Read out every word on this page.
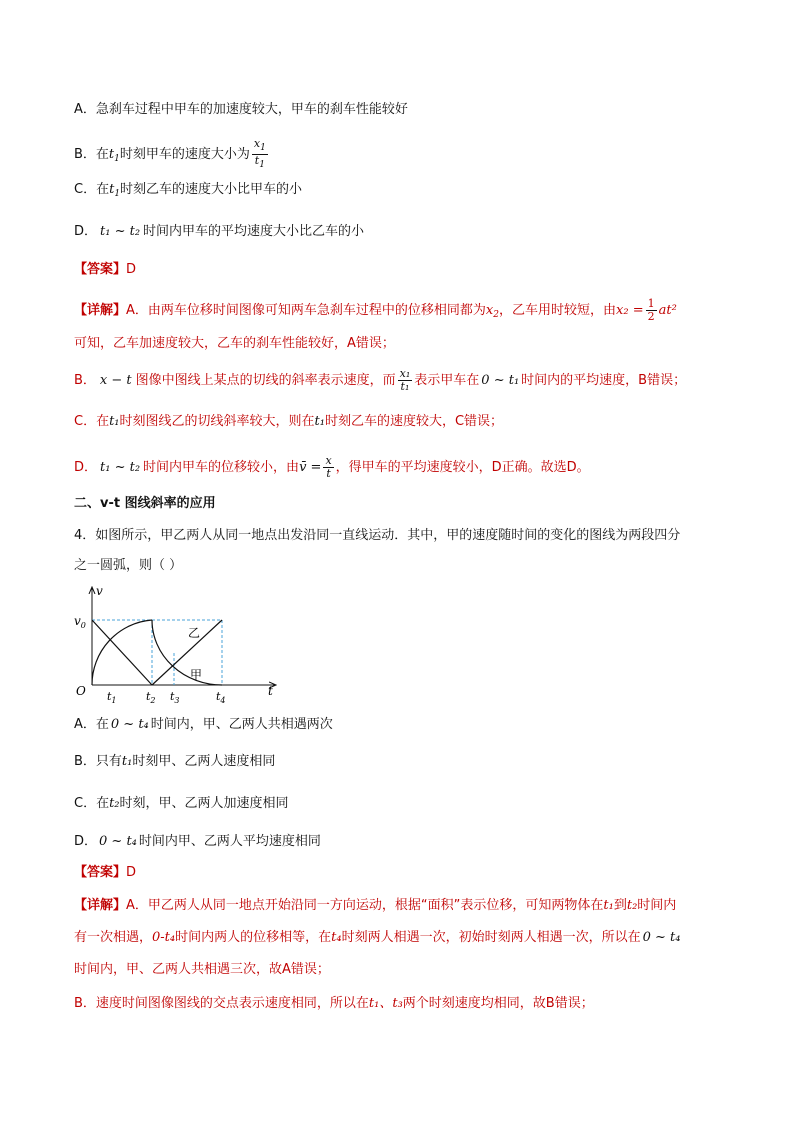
A．急刹车过程中甲车的加速度较大，甲车的刹车性能较好
B．在$t_1$时刻甲车的速度大小为 $\frac{x_1}{t_1}$
C．在$t_1$时刻乙车的速度大小比甲车的小
D． t₁ ~ t₂ 时间内甲车的平均速度大小比乙车的小
【答案】D
【详解】A．由两车位移时间图像可知两车急刹车过程中的位移相同都为$x_2$，乙车用时较短，由$x_2 = \frac{1}{2} at^2$
可知，乙车加速度较大，乙车的刹车性能较好，A错误；
B． x − t 图像中图线上某点的切线的斜率表示速度，而 $\frac{\text{x₁}}{\text{t₁}}$ 表示甲车在 0 ~ t₁ 时间内的平均速度，B错误；
C．在t₁时刻图线乙的切线斜率较大，则在t₁时刻乙车的速度较大，C错误；
D． t₁ ~ t₂ 时间内甲车的位移较小，由v̄ = $\frac{x}{t}$ ，得甲车的平均速度较小，D正确。故选D。
二、v-t 图线斜率的应用
4．如图所示，甲乙两人从同一地点出发沿同一直线运动．其中，甲的速度随时间的变化的图线为两段四分
之一圆弧，则（ ）
v
t
O
$v_0$
$t_1$	$t_2$ $t_3$	$t_4$
甲
乙
A．在 0 ~ t₄ 时间内，甲、乙两人共相遇两次
B．只有t₁时刻甲、乙两人速度相同
C．在t₂时刻，甲、乙两人加速度相同
D． 0 ~ t₄ 时间内甲、乙两人平均速度相同
【答案】D
【详解】A．甲乙两人从同一地点开始沿同一方向运动，根据“面积”表示位移，可知两物体在t₁到t₂时间内
有一次相遇，0-t₄时间内两人的位移相等，在t₄时刻两人相遇一次，初始时刻两人相遇一次，所以在 0 ~ t₄
时间内，甲、乙两人共相遇三次，故A错误；
B．速度时间图像图线的交点表示速度相同，所以在t₁、t₃两个时刻速度均相同，故B错误；
